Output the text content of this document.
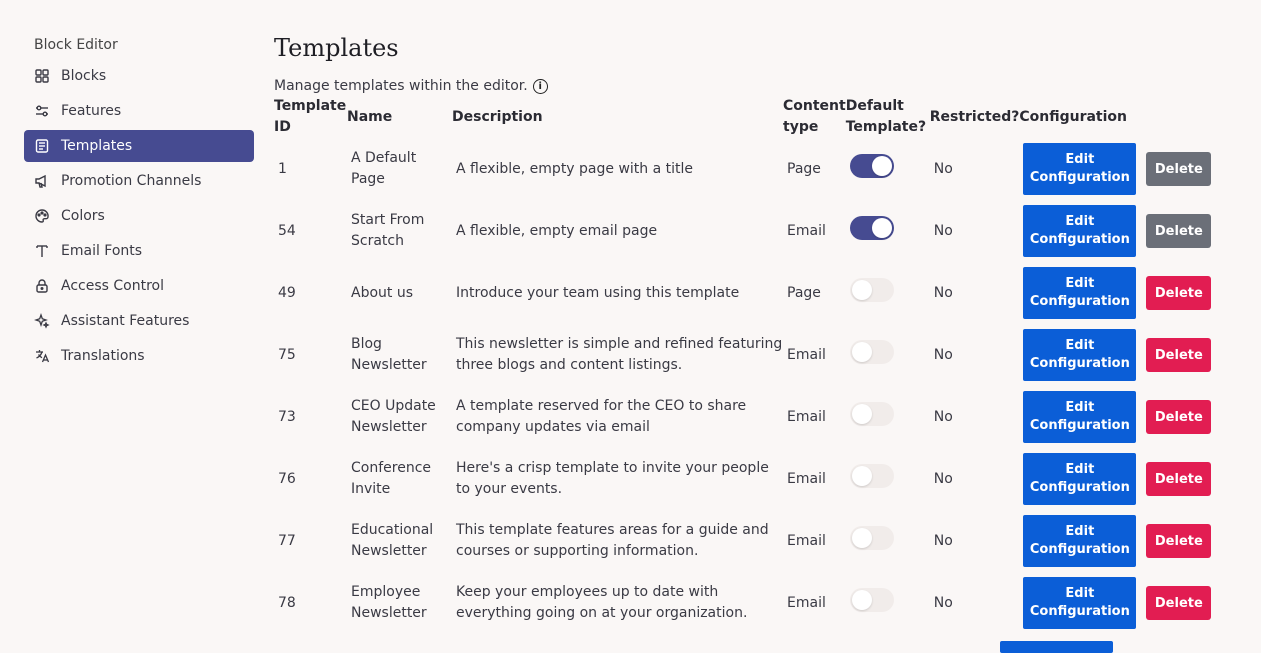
Block Editor
Blocks
Features
Templates
Promotion Channels
Colors
Email Fonts
Access Control
Assistant Features
Translations
Templates
Manage templates within the editor.	i
Template ID	Name	Description	Content type	Default Template?	Restricted?	Configuration
1	A Default Page	A flexible, empty page with a title	Page		No	Edit
Configuration
Delete

54	Start From Scratch	A flexible, empty email page	Email		No	Edit
Configuration
Delete

49	About us	Introduce your team using this template	Page		No	Edit
Configuration
Delete

75	Blog Newsletter	This newsletter is simple and refined featuring three blogs and content listings.	Email		No	Edit
Configuration
Delete

73	CEO Update Newsletter	A template reserved for the CEO to share company updates via email	Email		No	Edit
Configuration
Delete

76	Conference Invite	Here's a crisp template to invite your people to your events.	Email		No	Edit
Configuration
Delete

77	Educational Newsletter	This template features areas for a guide and courses or supporting information.	Email		No	Edit
Configuration
Delete

78	Employee Newsletter	Keep your employees up to date with everything going on at your organization.	Email		No	Edit
Configuration
Delete
